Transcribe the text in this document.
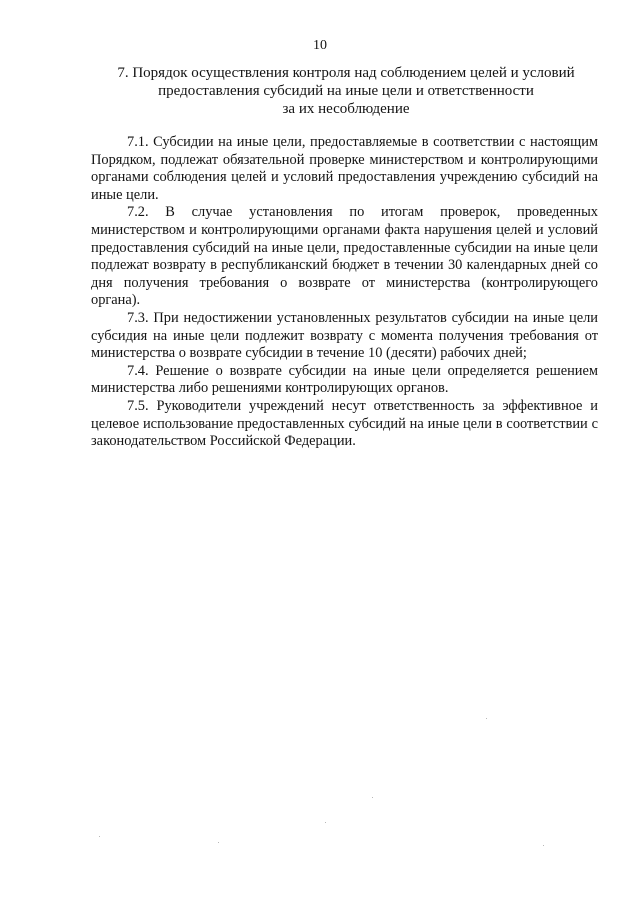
10
7. Порядок осуществления контроля над соблюдением целей и условий
предоставления субсидий на иные цели и ответственности
за их несоблюдение

7.1. Субсидии на иные цели, предоставляемые в соответствии с настоящим Порядком, подлежат обязательной проверке министерством и контролирующими органами соблюдения целей и условий предоставления учреждению субсидий на иные цели.

7.2. В случае установления по итогам проверок, проведенных министерством и контролирующими органами факта нарушения целей и условий предоставления субсидий на иные цели, предоставленные субсидии на иные цели подлежат возврату в республиканский бюджет в течении 30 календарных дней со дня получения требования о возврате от министерства (контролирующего органа).

7.3. При недостижении установленных результатов субсидии на иные цели субсидия на иные цели подлежит возврату с момента получения требования от министерства о возврате субсидии в течение 10 (десяти) рабочих дней;

7.4. Решение о возврате субсидии на иные цели определяется решением министерства либо решениями контролирующих органов.

7.5. Руководители учреждений несут ответственность за эффективное и целевое использование предоставленных субсидий на иные цели в соответствии с законодательством Российской Федерации.
